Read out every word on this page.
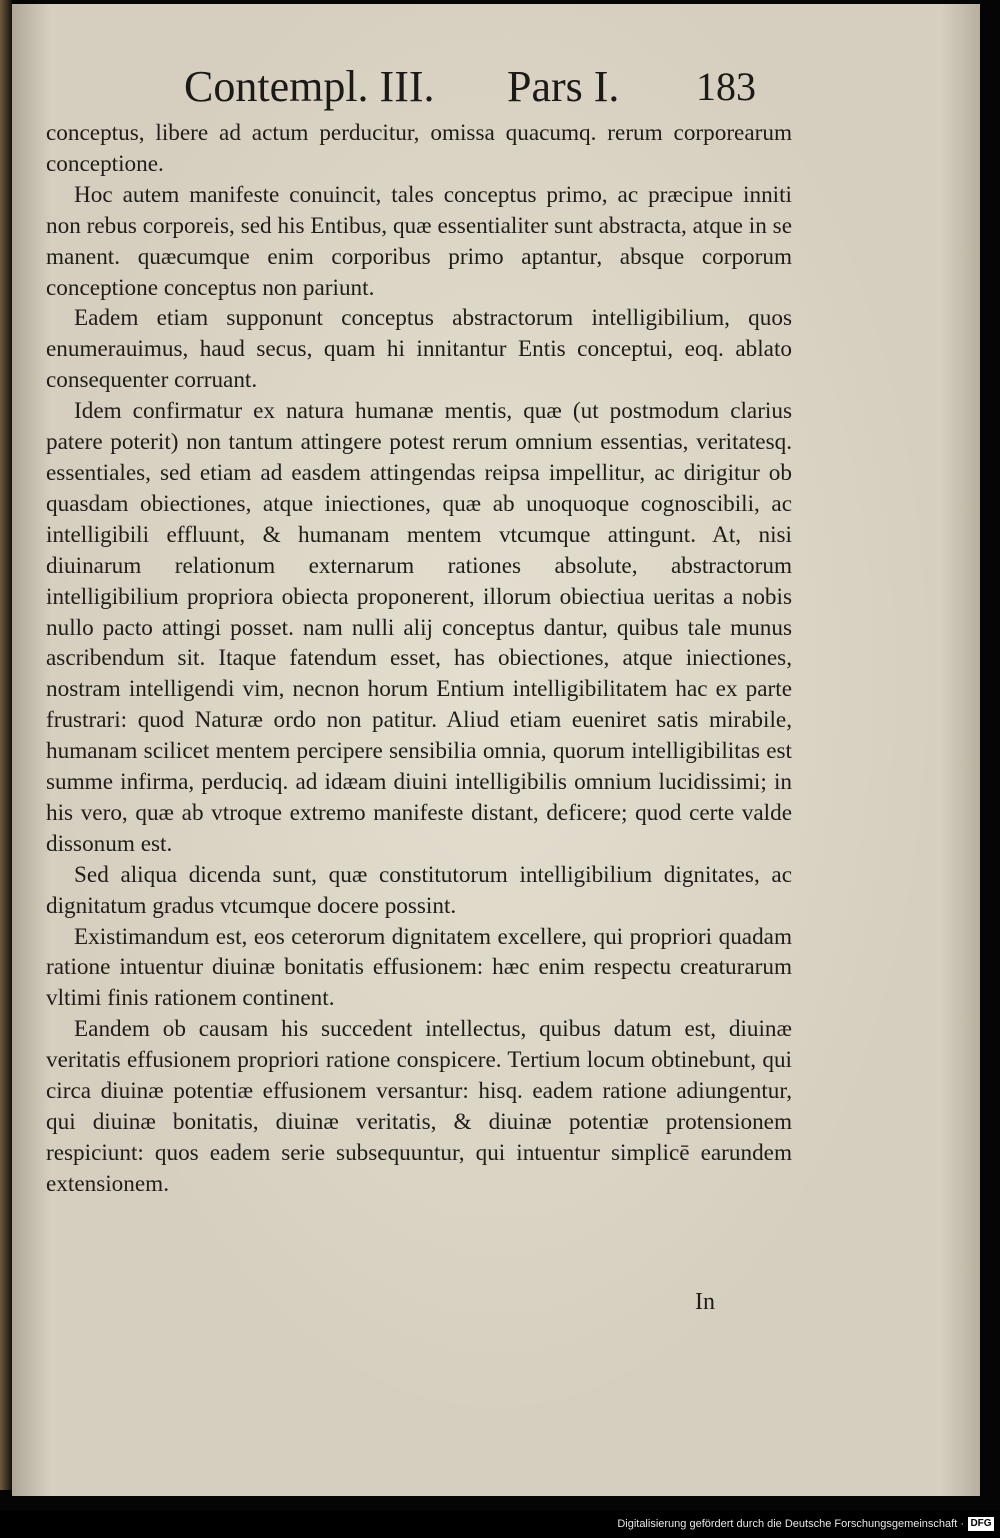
Contempl. III. Pars I. 183

conceptus, libere ad actum perducitur, omissa quacumq. rerum corporearum conceptione.

Hoc autem manifeste conuincit, tales conceptus primo, ac præcipue inniti non rebus corporeis, sed his Entibus, quæ essentialiter sunt abstracta, atque in se manent. quæcumque enim corporibus primo aptantur, absque corporum conceptione conceptus non pariunt.

Eadem etiam supponunt conceptus abstractorum intelligibilium, quos enumerauimus, haud secus, quam hi innitantur Entis conceptui, eoq. ablato consequenter corruant.

Idem confirmatur ex natura humanæ mentis, quæ (ut postmodum clarius patere poterit) non tantum attingere potest rerum omnium essentias, veritatesq. essentiales, sed etiam ad easdem attingendas reipsa impellitur, ac dirigitur ob quasdam obiectiones, atque iniectiones, quæ ab unoquoque cognoscibili, ac intelligibili effluunt, & humanam mentem vtcumque attingunt. At, nisi diuinarum relationum externarum rationes absolute, abstractorum intelligibilium propriora obiecta proponerent, illorum obiectiua ueritas a nobis nullo pacto attingi posset. nam nulli alij conceptus dantur, quibus tale munus ascribendum sit. Itaque fatendum esset, has obiectiones, atque iniectiones, nostram intelligendi vim, necnon horum Entium intelligibilitatem hac ex parte frustrari: quod Naturæ ordo non patitur. Aliud etiam eueniret satis mirabile, humanam scilicet mentem percipere sensibilia omnia, quorum intelligibilitas est summe infirma, perduciq. ad idæam diuini intelligibilis omnium lucidissimi; in his vero, quæ ab vtroque extremo manifeste distant, deficere; quod certe valde dissonum est.

Sed aliqua dicenda sunt, quæ constitutorum intelligibilium dignitates, ac dignitatum gradus vtcumque docere possint.

Existimandum est, eos ceterorum dignitatem excellere, qui propriori quadam ratione intuentur diuinæ bonitatis effusionem: hæc enim respectu creaturarum vltimi finis rationem continent.

Eandem ob causam his succedent intellectus, quibus datum est, diuinæ veritatis effusionem propriori ratione conspicere. Tertium locum obtinebunt, qui circa diuinæ potentiæ effusionem versantur: hisq. eadem ratione adiungentur, qui diuinæ bonitatis, diuinæ veritatis, & diuinæ potentiæ protensionem respiciunt: quos eadem serie subsequuntur, qui intuentur simplicē earundem extensionem.

In
Digitalisierung gefördert durch die Deutsche Forschungsgemeinschaft · DFG
